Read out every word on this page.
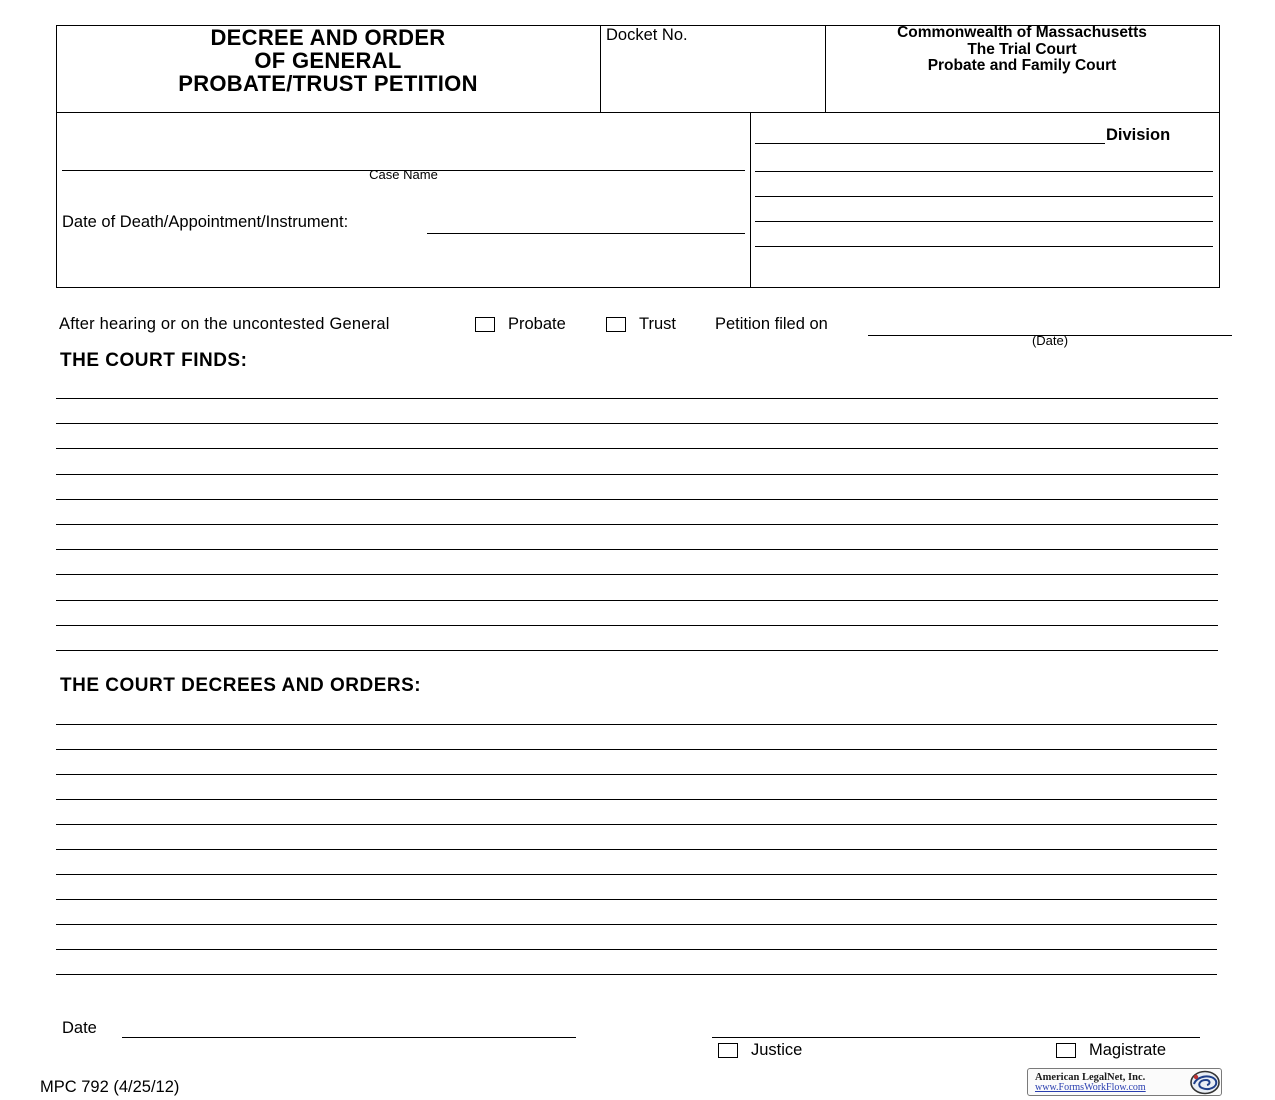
DECREE AND ORDER
OF GENERAL
PROBATE/TRUST PETITION
Docket No.	Commonwealth of Massachusetts
The Trial Court
Probate and Family Court
Case Name
Date of Death/Appointment/Instrument:
Division
After hearing or on the uncontested General	Probate	Trust Petition filed on
(Date)
THE COURT FINDS:
THE COURT DECREES AND ORDERS:
Date
Justice	Magistrate
MPC 792 (4/25/12)
American LegalNet, Inc.
www.FormsWorkFlow.com
